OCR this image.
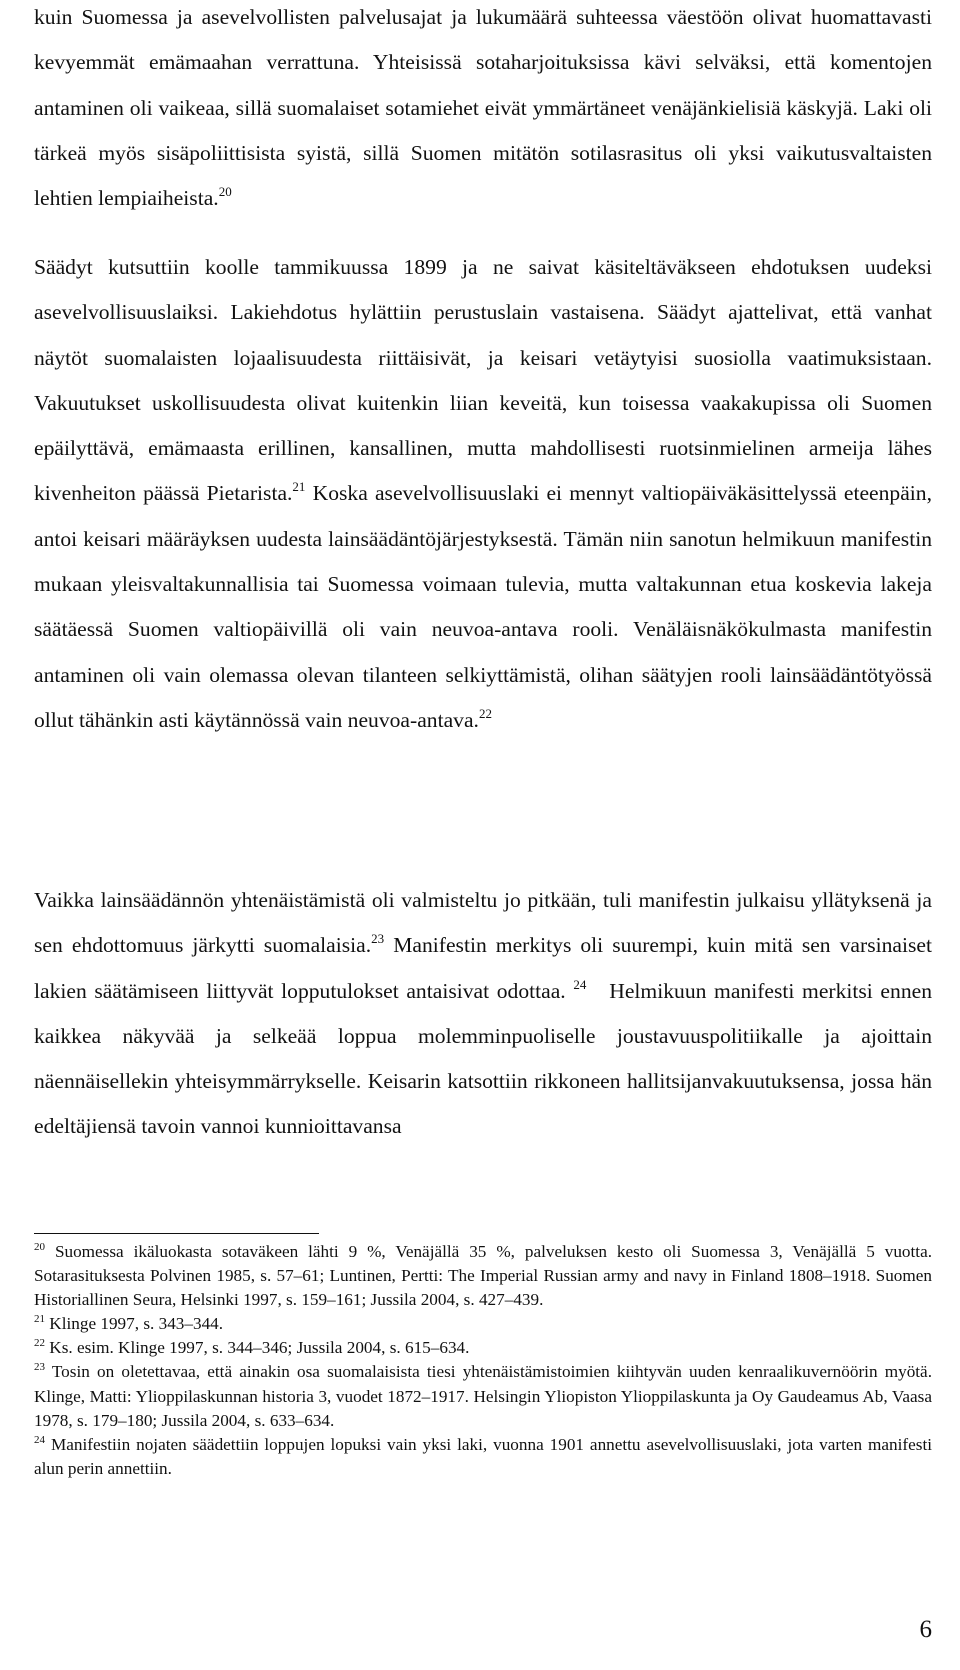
kuin Suomessa ja asevelvollisten palvelusajat ja lukumäärä suhteessa väestöön olivat huomattavasti kevyemmät emämaahan verrattuna. Yhteisissä sotaharjoituksissa kävi selväksi, että komentojen antaminen oli vaikeaa, sillä suomalaiset sotamiehet eivät ymmärtäneet venäjänkielisiä käskyjä. Laki oli tärkeä myös sisäpoliittisista syistä, sillä Suomen mitätön sotilasrasitus oli yksi vaikutusvaltaisten lehtien lempiaiheista.$^{20}$

Säädyt kutsuttiin koolle tammikuussa 1899 ja ne saivat käsiteltäväkseen ehdotuksen uudeksi asevelvollisuuslaiksi. Lakiehdotus hylättiin perustuslain vastaisena. Säädyt ajattelivat, että vanhat näytöt suomalaisten lojaalisuudesta riittäisivät, ja keisari vetäytyisi suosiolla vaatimuksistaan. Vakuutukset uskollisuudesta olivat kuitenkin liian keveitä, kun toisessa vaakakupissa oli Suomen epäilyttävä, emämaasta erillinen, kansallinen, mutta mahdollisesti ruotsinmielinen armeija lähes kivenheiton päässä Pietarista.$^{21}$ Koska asevelvollisuuslaki ei mennyt valtiopäiväkäsittelyssä eteenpäin, antoi keisari määräyksen uudesta lainsäädäntöjärjestyksestä. Tämän niin sanotun helmikuun manifestin mukaan yleisvaltakunnallisia tai Suomessa voimaan tulevia, mutta valtakunnan etua koskevia lakeja säätäessä Suomen valtiopäivillä oli vain neuvoa-antava rooli. Venäläisnäkökulmasta manifestin antaminen oli vain olemassa olevan tilanteen selkiyttämistä, olihan säätyjen rooli lainsäädäntötyössä ollut tähänkin asti käytännössä vain neuvoa-antava.$^{22}$

Vaikka lainsäädännön yhtenäistämistä oli valmisteltu jo pitkään, tuli manifestin julkaisu yllätyksenä ja sen ehdottomuus järkytti suomalaisia.$^{23}$ Manifestin merkitys oli suurempi, kuin mitä sen varsinaiset lakien säätämiseen liittyvät lopputulokset antaisivat odottaa. $^{24}$ Helmikuun manifesti merkitsi ennen kaikkea näkyvää ja selkeää loppua molemminpuoliselle joustavuuspolitiikalle ja ajoittain näennäisellekin yhteisymmärrykselle. Keisarin katsottiin rikkoneen hallitsijanvakuutuksensa, jossa hän edeltäjiensä tavoin vannoi kunnioittavansa

$^{20}$ Suomessa ikäluokasta sotaväkeen lähti 9 %, Venäjällä 35 %, palveluksen kesto oli Suomessa 3, Venäjällä 5 vuotta. Sotarasituksesta Polvinen 1985, s. 57–61; Luntinen, Pertti: The Imperial Russian army and navy in Finland 1808–1918. Suomen Historiallinen Seura, Helsinki 1997, s. 159–161; Jussila 2004, s. 427–439.

$^{21}$ Klinge 1997, s. 343–344.

$^{22}$ Ks. esim. Klinge 1997, s. 344–346; Jussila 2004, s. 615–634.

$^{23}$ Tosin on oletettavaa, että ainakin osa suomalaisista tiesi yhtenäistämistoimien kiihtyvän uuden kenraalikuvernöörin myötä. Klinge, Matti: Ylioppilaskunnan historia 3, vuodet 1872–1917. Helsingin Yliopiston Ylioppilaskunta ja Oy Gaudeamus Ab, Vaasa 1978, s. 179–180; Jussila 2004, s. 633–634.

$^{24}$ Manifestiin nojaten säädettiin loppujen lopuksi vain yksi laki, vuonna 1901 annettu asevelvollisuuslaki, jota varten manifesti alun perin annettiin.

6
